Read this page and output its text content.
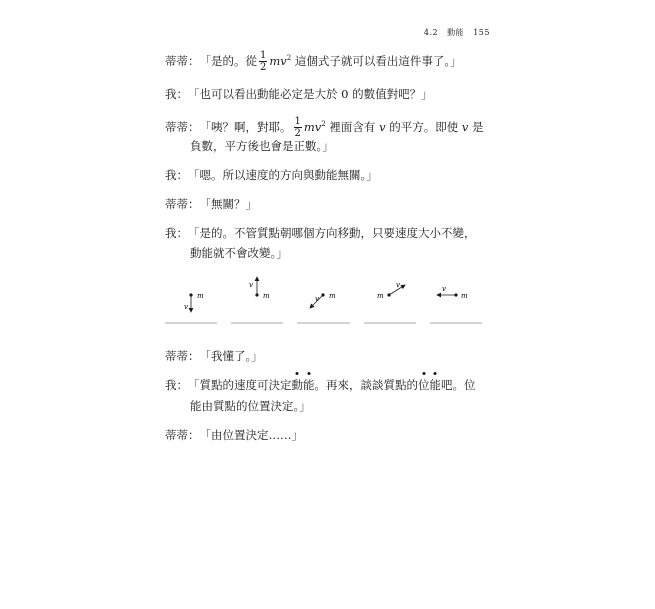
4.2 動能 155
蒂蒂：「是的。從 $\frac{1}{2} mv^2$ 這個式子就可以看出這件事了。」
我：「也可以看出動能必定是大於 0 的數值對吧？」
蒂蒂：「咦？啊，對耶。 $\frac{1}{2} mv^2$ 裡面含有 v 的平方。即使 v 是
負數，平方後也會是正數。」
我：「嗯。所以速度的方向與動能無關。」
蒂蒂：「無關？」
我：「是的。不管質點朝哪個方向移動，只要速度大小不變，
動能就不會改變。」
m
v
m
v
m
v	m
v
m
v
蒂蒂：「我懂了。」
我：「質點的速度可決定動能。再來，談談質點的位能吧。位
能由質點的位置決定。」
蒂蒂：「由位置決定……」
